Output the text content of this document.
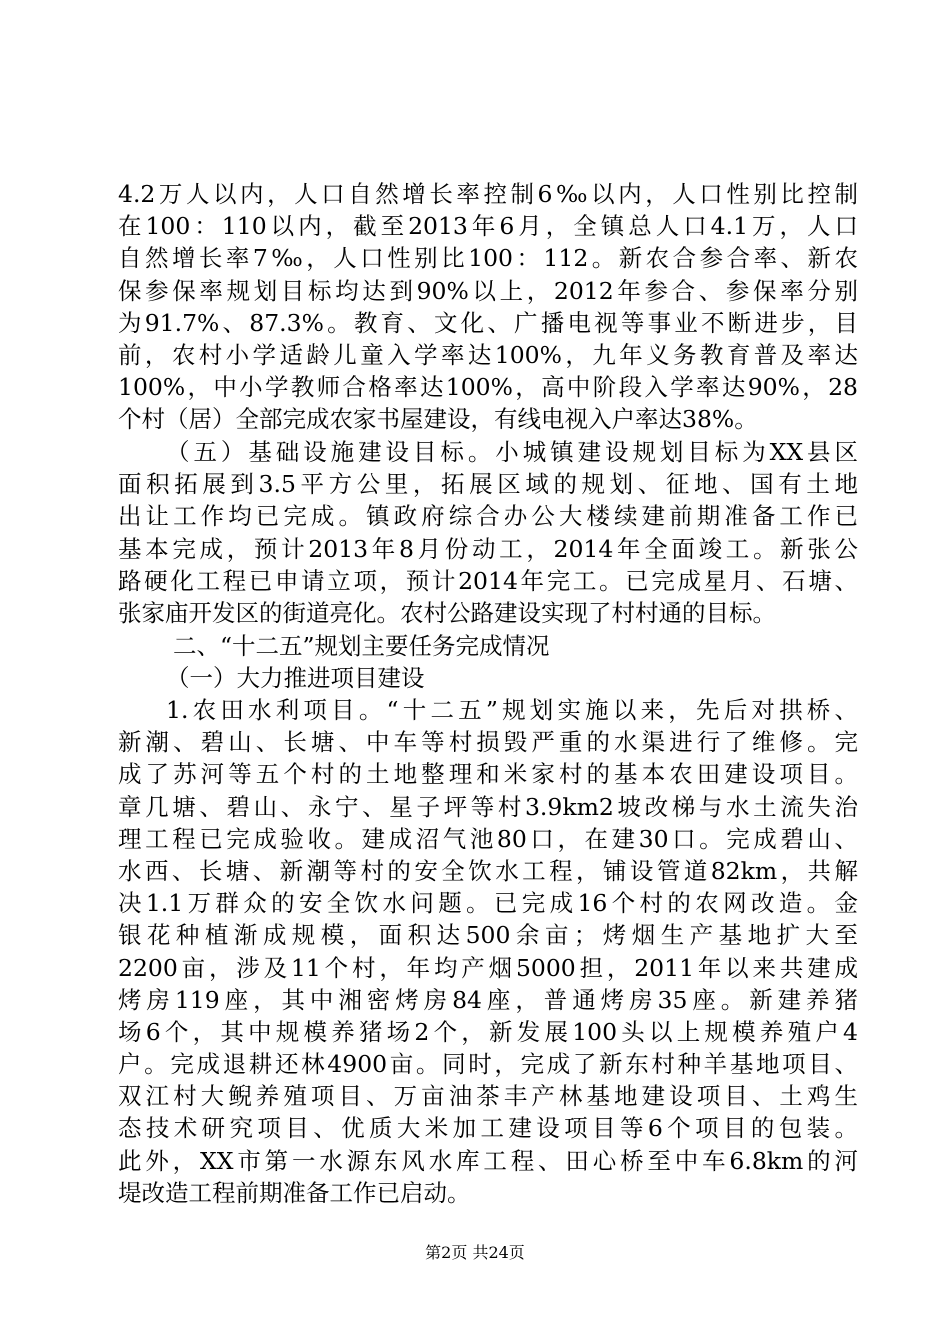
4.2万人以内，人口自然增长率控制6‰以内，人口性别比控制
在100：110以内，截至2013年6月，全镇总人口4.1万，人口
自然增长率7‰，人口性别比100：112。新农合参合率、新农
保参保率规划目标均达到90%以上，2012年参合、参保率分别
为91.7%、87.3%。教育、文化、广播电视等事业不断进步，目
前，农村小学适龄儿童入学率达100%，九年义务教育普及率达
100%，中小学教师合格率达100%，高中阶段入学率达90%，28
个村（居）全部完成农家书屋建设，有线电视入户率达38%。
（五）基础设施建设目标。小城镇建设规划目标为XX县区
面积拓展到3.5平方公里，拓展区域的规划、征地、国有土地
出让工作均已完成。镇政府综合办公大楼续建前期准备工作已
基本完成，预计2013年8月份动工，2014年全面竣工。新张公
路硬化工程已申请立项，预计2014年完工。已完成星月、石塘、
张家庙开发区的街道亮化。农村公路建设实现了村村通的目标。
二、“十二五”规划主要任务完成情况
（一）大力推进项目建设
1.农田水利项目。“十二五”规划实施以来，先后对拱桥、
新潮、碧山、长塘、中车等村损毁严重的水渠进行了维修。完
成了苏河等五个村的土地整理和米家村的基本农田建设项目。
章几塘、碧山、永宁、星子坪等村3.9km2坡改梯与水土流失治
理工程已完成验收。建成沼气池80口，在建30口。完成碧山、
水西、长塘、新潮等村的安全饮水工程，铺设管道82km，共解
决1.1万群众的安全饮水问题。已完成16个村的农网改造。金
银花种植渐成规模，面积达500余亩；烤烟生产基地扩大至
2200亩，涉及11个村，年均产烟5000担，2011年以来共建成
烤房119座，其中湘密烤房84座，普通烤房35座。新建养猪
场6个，其中规模养猪场2个，新发展100头以上规模养殖户4
户。完成退耕还林4900亩。同时，完成了新东村种羊基地项目、
双江村大鲵养殖项目、万亩油茶丰产林基地建设项目、土鸡生
态技术研究项目、优质大米加工建设项目等6个项目的包装。
此外，XX市第一水源东风水库工程、田心桥至中车6.8km的河
堤改造工程前期准备工作已启动。
第2页 共24页
